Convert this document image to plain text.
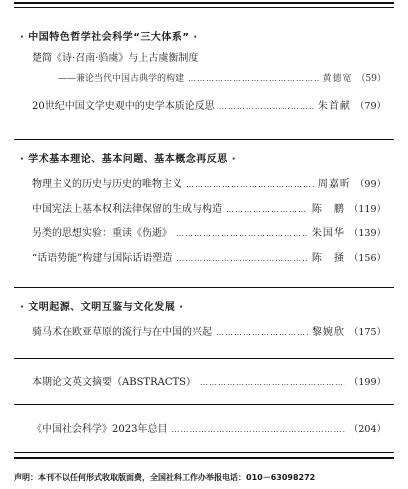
· 中国特色哲学社会科学“三大体系” ·
楚简《诗·召南·驺虞》与上古虞衡制度
——兼论当代中国古典学的构建 ……………………………………………………………………………………………………………………	黄德宽 （59）
20世纪中国文学史观中的史学本质论反思 ……………………………………………………………………………………………………………………………	朱首献 （79）
· 学术基本理论、基本问题、基本概念再反思 ·
物理主义的历史与历史的唯物主义 ……………………………………………………………………………………………………………………………	周嘉昕 （99）
中国宪法上基本权利法律保留的生成与构造 ……………………………………………………………………………………………………………………………	陈　鹏 （119）
另类的思想实验：重读《伤逝》 ……………………………………………………………………………………………………………………………	朱国华 （139）
“话语势能”构建与国际话语塑造 ……………………………………………………………………………………………………………………………	陈　掻 （156）
· 文明起源、文明互鉴与文化发展 ·
骑马术在欧亚草原的流行与在中国的兴起 ……………………………………………………………………………………………………………………………	黎婉欣 （175）
本期论文英文摘要（ABSTRACTS） ……………………………………………………………………………………………………………………………	（199）
《中国社会科学》2023年总目 ……………………………………………………………………………………………………………………………	（204）
声明：本刊不以任何形式收取版面费，全国社科工作办举报电话：010－63098272
